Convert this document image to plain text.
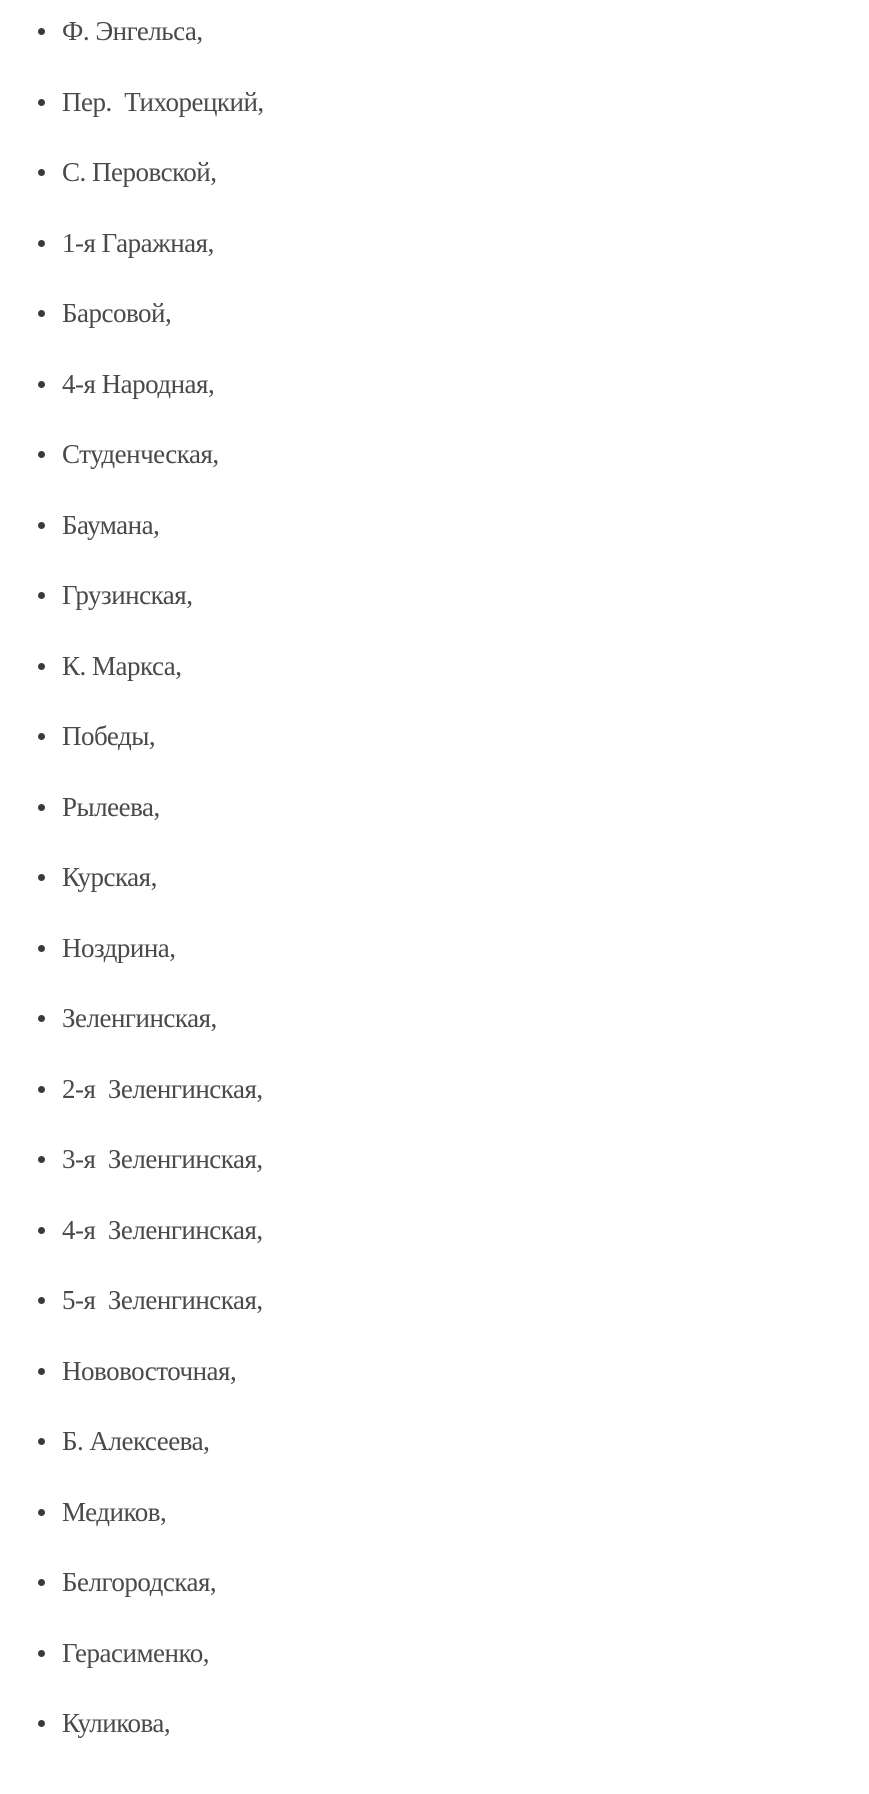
Ф. Энгельса,
Пер.  Тихорецкий,
С. Перовской,
1-я Гаражная,
Барсовой,
4-я Народная,
Студенческая,
Баумана,
Грузинская,
К. Маркса,
Победы,
Рылеева,
Курская,
Ноздрина,
Зеленгинская,
2-я  Зеленгинская,
3-я  Зеленгинская,
4-я  Зеленгинская,
5-я  Зеленгинская,
Нововосточная,
Б. Алексеева,
Медиков,
Белгородская,
Герасименко,
Куликова,
